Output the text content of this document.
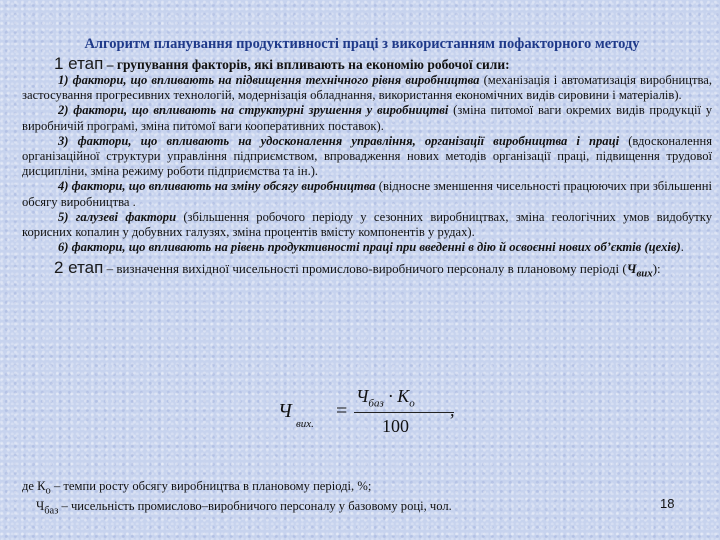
Алгоритм планування продуктивності праці з використанням пофакторного методу
1 етап – групування факторів, які впливають на економію робочої сили:

1) фактори, що впливають на підвищення технічного рівня виробництва (механізація і автоматизація виробництва, застосування прогресивних технологій, модернізація обладнання, використання економічних видів сировини і матеріалів).

2) фактори, що впливають на структурні зрушення у виробництві (зміна питомої ваги окремих видів продукції у виробничій програмі, зміна питомої ваги кооперативних поставок).

3) фактори, що впливають на удосконалення управління, організації виробництва і праці (вдосконалення організаційної структури управління підприємством, впровадження нових методів організації праці, підвищення трудової дисципліни, зміна режиму роботи підприємства та ін.).

4) фактори, що впливають на зміну обсягу виробництва (відносне зменшення чисельності працюючих при збільшенні обсягу виробництва .

5) галузеві фактори (збільшення робочого періоду у сезонних виробництвах, зміна геологічних умов видобутку корисних копалин у добувних галузях, зміна процентів вмісту компонентів у рудах).

6) фактори, що впливають на рівень продуктивності праці при введенні в дію й освоєнні нових об’єктів (цехів).

2 етап – визначення вихідної чисельності промислово-виробничого персоналу в плановому періоді $(Ч_{вих})$:
Ч
вих.
=
$Ч_{баз} \cdot К_о$
100
,
де $К_о$ – темпи росту обсягу виробництва в плановому періоді, %;
$Ч_{баз}$ – чисельність промислово–виробничого персоналу у базовому році, чол.	18
